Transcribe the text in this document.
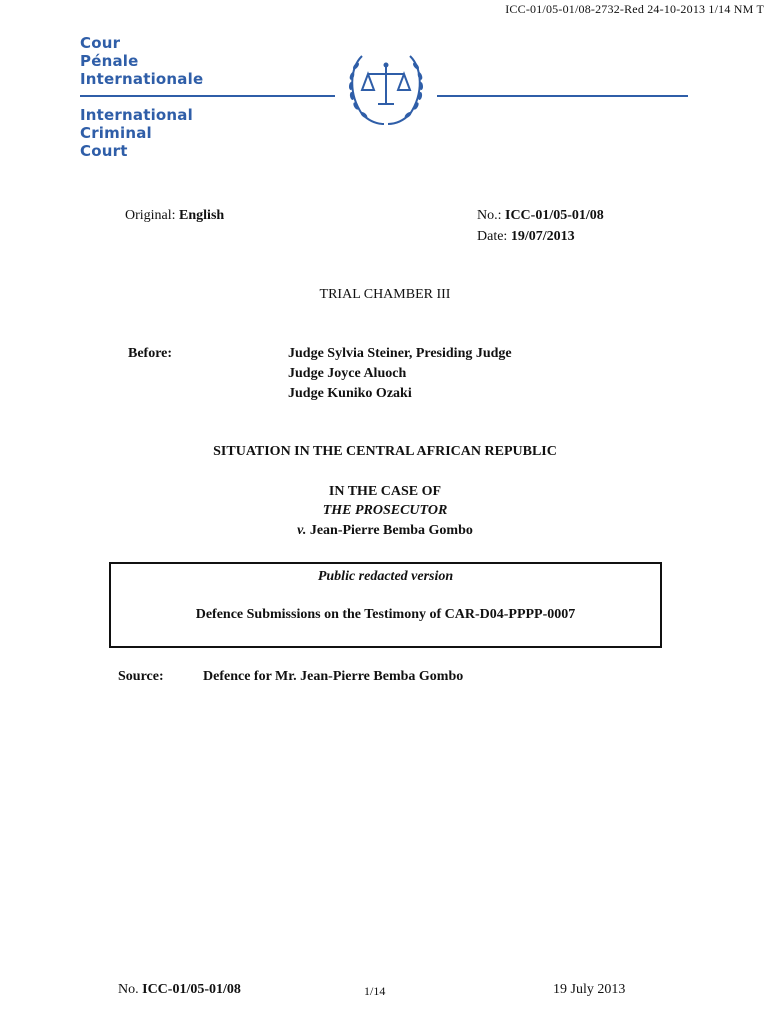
ICC-01/05-01/08-2732-Red 24-10-2013 1/14 NM T
Cour
Pénale
Internationale
International
Criminal
Court
Original: English	No.: ICC-01/05-01/08
Date: 19/07/2013
TRIAL CHAMBER III
Before:	Judge Sylvia Steiner, Presiding Judge
Judge Joyce Aluoch
Judge Kuniko Ozaki
SITUATION IN THE CENTRAL AFRICAN REPUBLIC
IN THE CASE OF
THE PROSECUTOR
v. Jean-Pierre Bemba Gombo
Public redacted version
Defence Submissions on the Testimony of CAR-D04-PPPP-0007
Source:	Defence for Mr. Jean-Pierre Bemba Gombo
No. ICC-01/05-01/08	1/14	19 July 2013
